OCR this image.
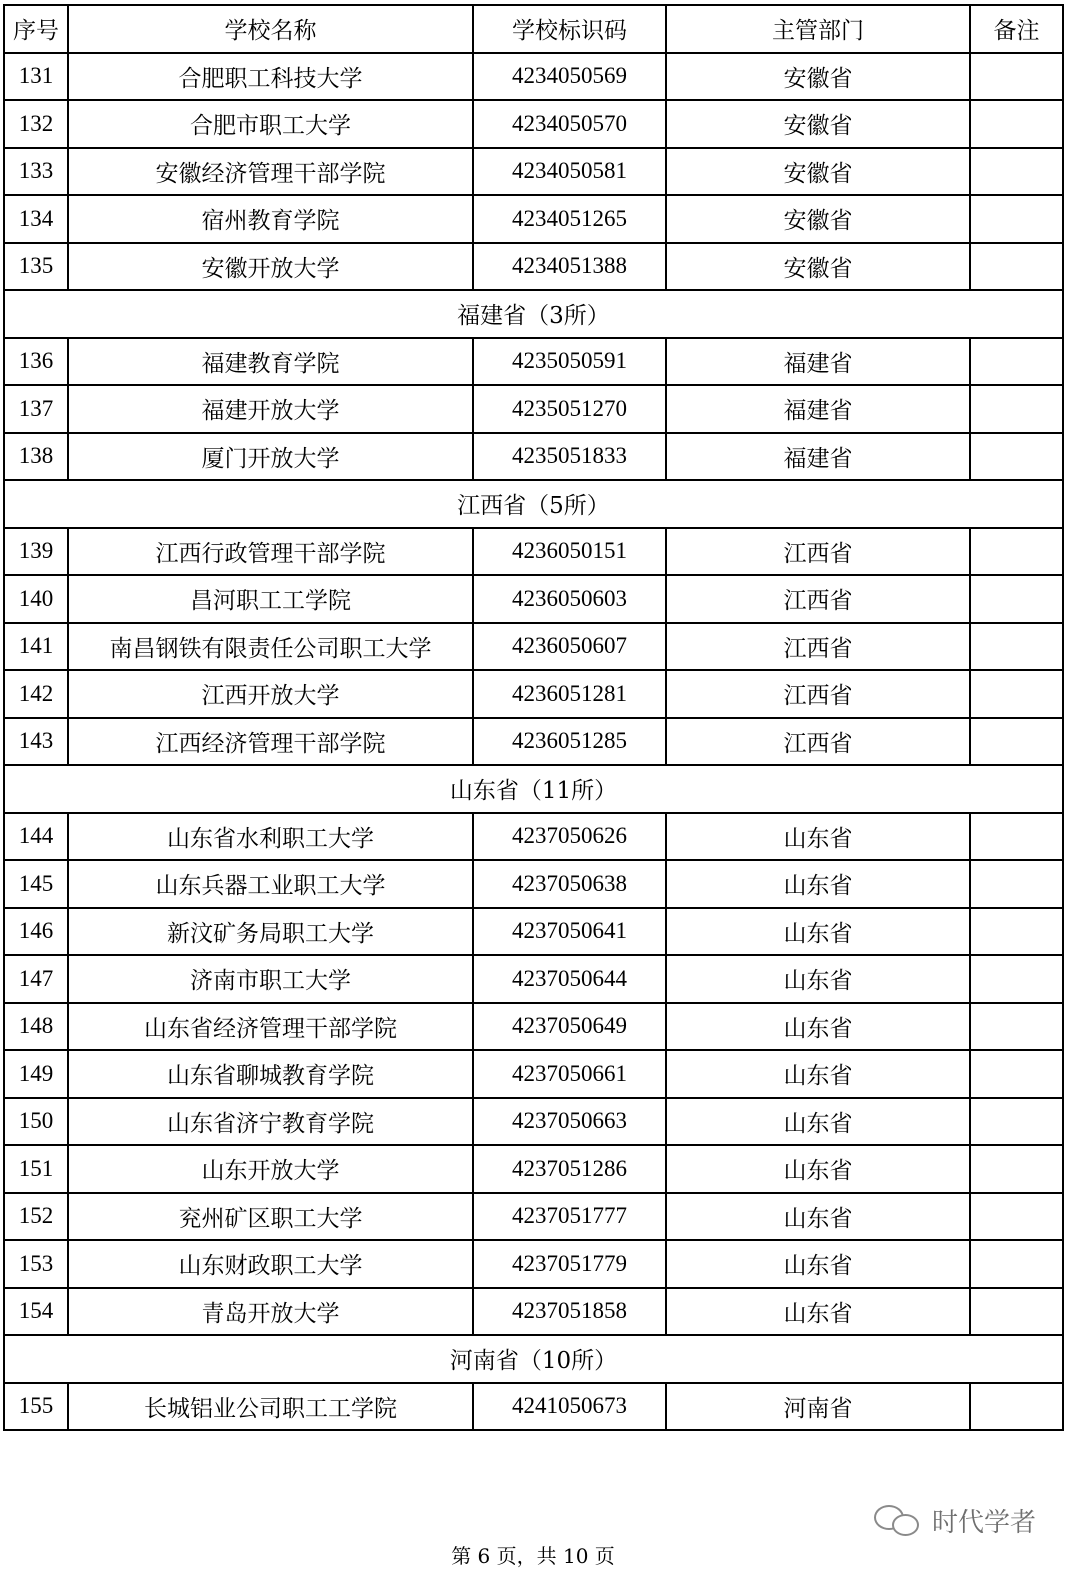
序号	学校名称	学校标识码	主管部门	备注
131	合肥职工科技大学	4234050569	安徽省	
132	合肥市职工大学	4234050570	安徽省	
133	安徽经济管理干部学院	4234050581	安徽省	
134	宿州教育学院	4234051265	安徽省	
135	安徽开放大学	4234051388	安徽省	
福建省（3所）				
136	福建教育学院	4235050591	福建省	
137	福建开放大学	4235051270	福建省	
138	厦门开放大学	4235051833	福建省	
江西省（5所）				
139	江西行政管理干部学院	4236050151	江西省	
140	昌河职工工学院	4236050603	江西省	
141	南昌钢铁有限责任公司职工大学	4236050607	江西省	
142	江西开放大学	4236051281	江西省	
143	江西经济管理干部学院	4236051285	江西省	
山东省（11所）				
144	山东省水利职工大学	4237050626	山东省	
145	山东兵器工业职工大学	4237050638	山东省	
146	新汶矿务局职工大学	4237050641	山东省	
147	济南市职工大学	4237050644	山东省	
148	山东省经济管理干部学院	4237050649	山东省	
149	山东省聊城教育学院	4237050661	山东省	
150	山东省济宁教育学院	4237050663	山东省	
151	山东开放大学	4237051286	山东省	
152	兖州矿区职工大学	4237051777	山东省	
153	山东财政职工大学	4237051779	山东省	
154	青岛开放大学	4237051858	山东省	
河南省（10所）				
155	长城铝业公司职工工学院	4241050673	河南省	
时代学者
第 6 页，共 10 页
